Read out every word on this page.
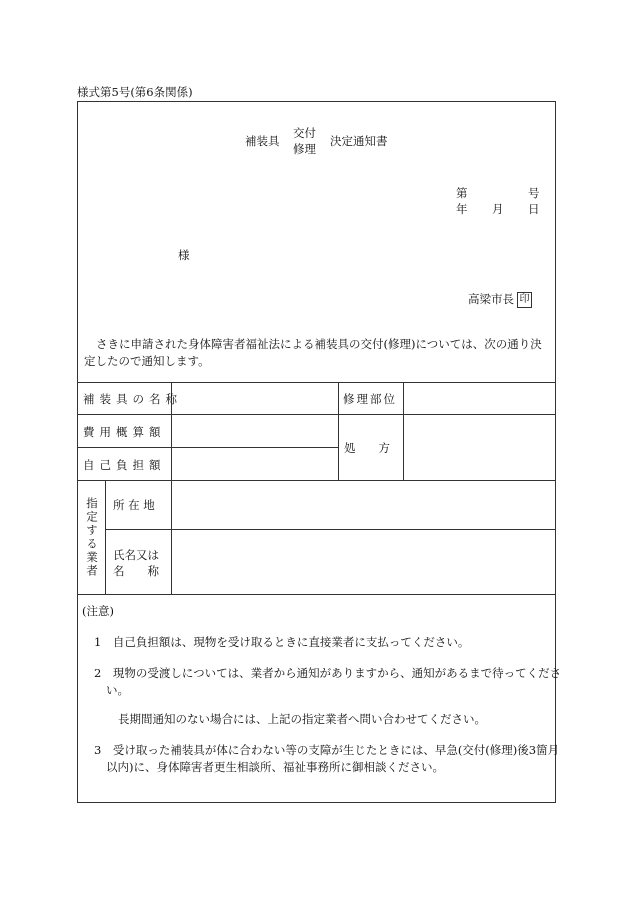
様式第5号(第6条関係)
補装具
交付
修理
決定通知書
第	号
年 月 日
様
高梁市長 印
さきに申請された身体障害者福祉法による補装具の交付(修理)については、次の通り決定したので通知します。
補装具の名称	修理部位
費用概算額
自己負担額
処　　方
指定する業者 所 在 地
氏名又は
名　　称
(注意)
1　自己負担額は、現物を受け取るときに直接業者に支払ってください。
2　現物の受渡しについては、業者から通知がありますから、通知があるまで待ってください。
長期間通知のない場合には、上記の指定業者へ問い合わせてください。
3　受け取った補装具が体に合わない等の支障が生じたときには、早急(交付(修理)後3箇月以内)に、身体障害者更生相談所、福祉事務所に御相談ください。
